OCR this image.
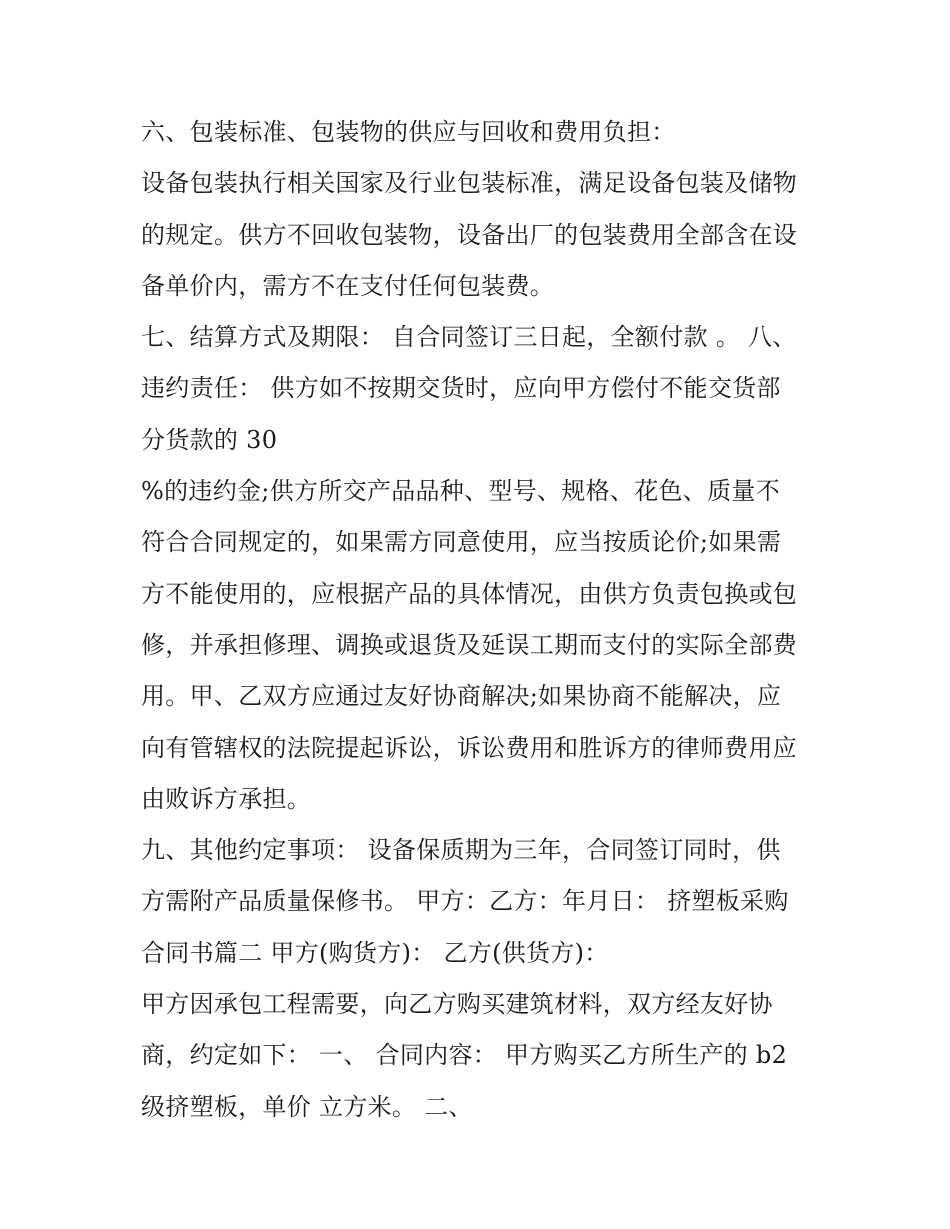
六、包装标准、包装物的供应与回收和费用负担：
设备包装执行相关国家及行业包装标准，满足设备包装及储物
的规定。供方不回收包装物，设备出厂的包装费用全部含在设
备单价内，需方不在支付任何包装费。
七、结算方式及期限： 自合同签订三日起，全额付款 。 八、
违约责任： 供方如不按期交货时，应向甲方偿付不能交货部
分货款的 30
%的违约金;供方所交产品品种、型号、规格、花色、质量不
符合合同规定的，如果需方同意使用，应当按质论价;如果需
方不能使用的，应根据产品的具体情况，由供方负责包换或包
修，并承担修理、调换或退货及延误工期而支付的实际全部费
用。甲、乙双方应通过友好协商解决;如果协商不能解决，应
向有管辖权的法院提起诉讼，诉讼费用和胜诉方的律师费用应
由败诉方承担。
九、其他约定事项： 设备保质期为三年，合同签订同时，供
方需附产品质量保修书。 甲方：乙方：年月日： 挤塑板采购
合同书篇二 甲方(购货方)： 乙方(供货方)：
甲方因承包工程需要，向乙方购买建筑材料，双方经友好协
商，约定如下： 一、 合同内容： 甲方购买乙方所生产的 b2
级挤塑板，单价 立方米。 二、
